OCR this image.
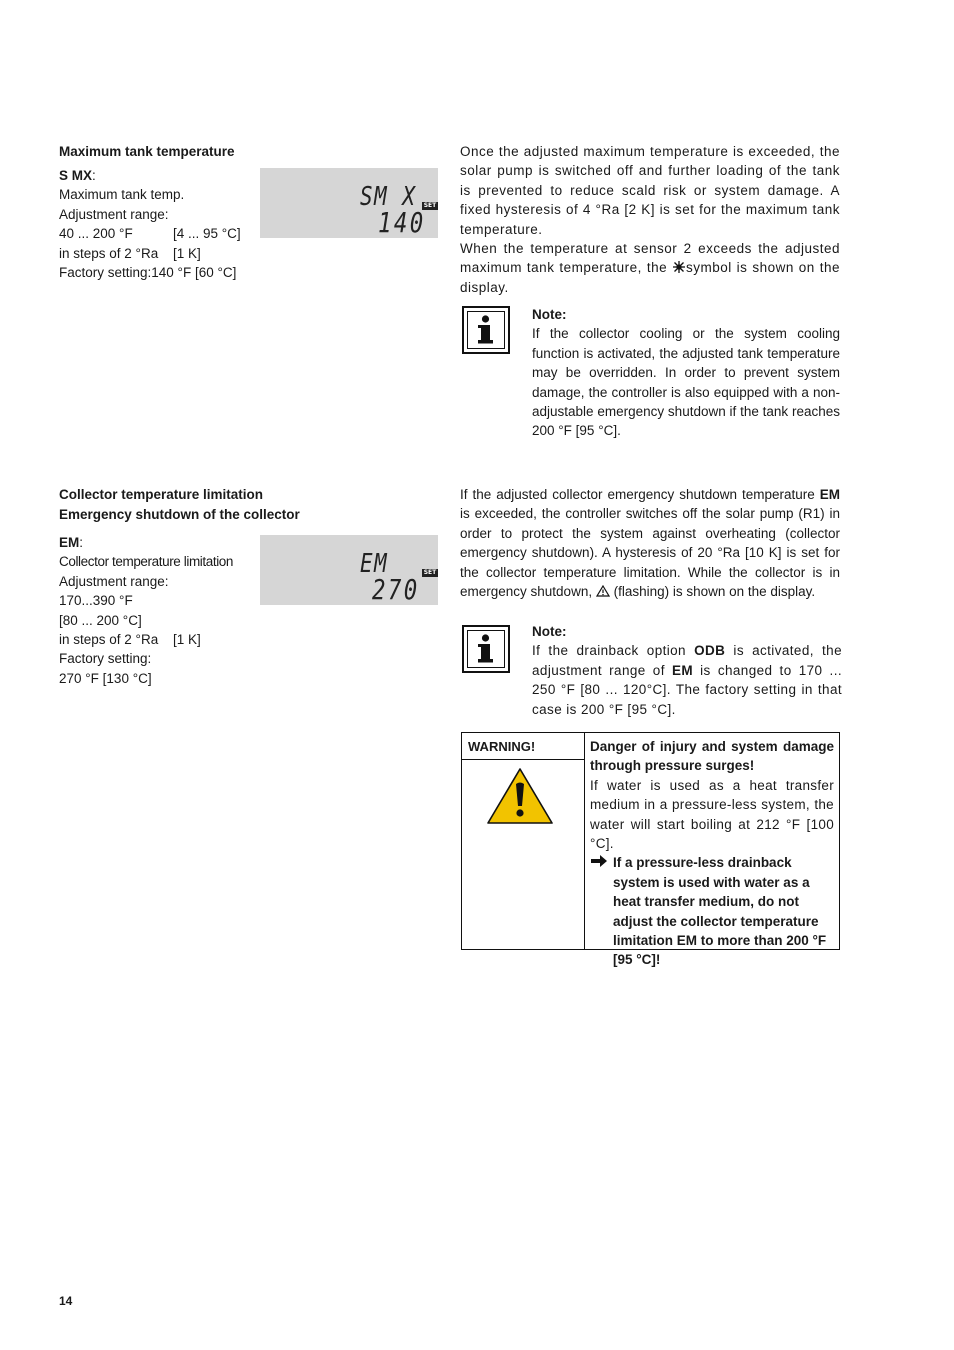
Maximum tank temperature
S MX:
Maximum tank temp.
Adjustment range:
40 ... 200 °F	[4 ... 95 °C]
in steps of 2 °Ra [1 K]
Factory setting:140 °F [60 °C]
SM X SET
140
Once the adjusted maximum temperature is exceeded, the solar pump is switched off and further loading of the tank is prevented to reduce scald risk or system damage. A fixed hysteresis of 4 °Ra [2 K] is set for the maximum tank temperature.
When the temperature at sensor 2 exceeds the adjusted maximum tank temperature, the symbol is shown on the display.
Note:
If the collector cooling or the system cooling function is activated, the adjusted tank temperature may be overridden. In order to prevent system damage, the controller is also equipped with a non-adjustable emergency shutdown if the tank reaches 200 °F [95 °C].
Collector temperature limitation
Emergency shutdown of the collector
EM:
Collector temperature limitation
Adjustment range:
170...390 °F
[80 ... 200 °C]
in steps of 2 °Ra [1 K]
Factory setting:
270 °F [130 °C]
EM	SET
270
If the adjusted collector emergency shutdown temperature EM is exceeded, the controller switches off the solar pump (R1) in order to protect the system against overheating (collector emergency shutdown). A hysteresis of 20 °Ra [10 K] is set for the collector temperature limitation. While the collector is in emergency shutdown,  (flashing) is shown on the display.
Note:
If the drainback option ODB is activated, the adjustment range of EM is changed to 170 ... 250 °F [80 ... 120°C]. The factory setting in that case is 200 °F [95 °C].
WARNING!	Danger of injury and system damage through pressure surges!
If water is used as a heat transfer medium in a pressure-less system, the water will start boiling at 212 °F [100 °C].
If a pressure-less drainback system is used with water as a heat transfer medium, do not adjust the collector temperature limitation EM to more than 200 °F [95 °C]!
14
